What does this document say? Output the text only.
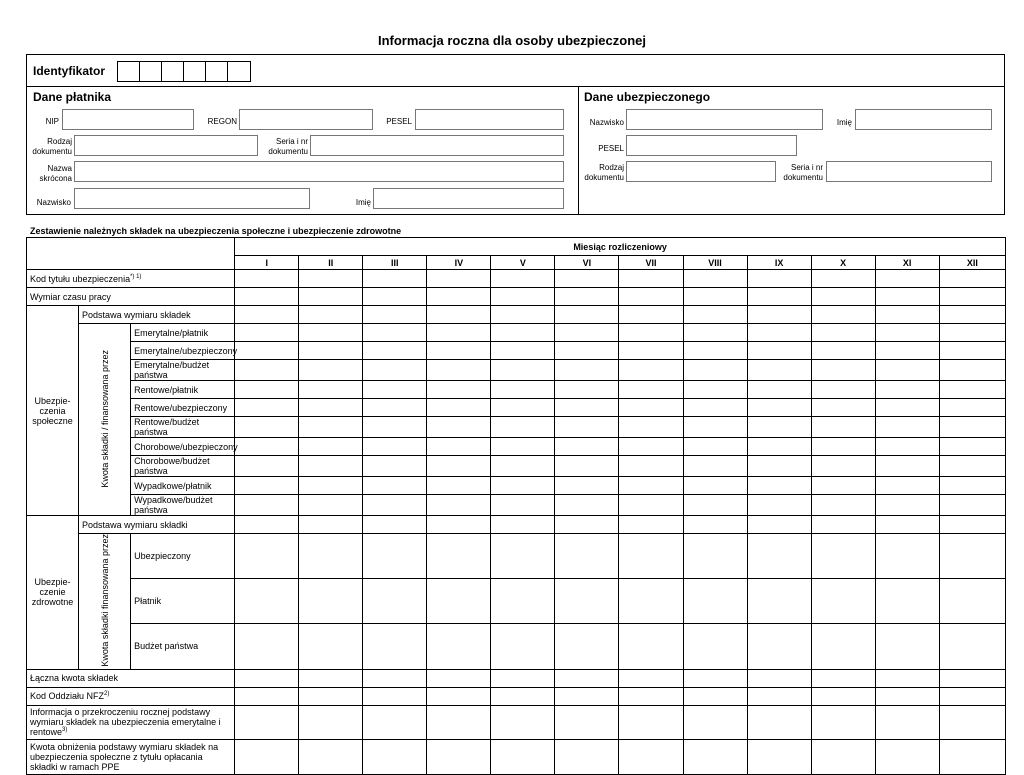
Informacja roczna dla osoby ubezpieczonej
Identyfikator
Dane płatnika
NIP	REGON	PESEL
Rodzaj
dokumentu
Seria i nr
dokumentu
Nazwa
skrócona
Nazwisko	Imię
Dane ubezpieczonego
Nazwisko	Imię
PESEL
Rodzaj
dokumentu
Seria i nr
dokumentu
Zestawienie należnych składek na ubezpieczenia społeczne i ubezpieczenie zdrowotne
			Miesiąc rozliczeniowy											
			I	II	III	IV	V	VI	VII	VIII	IX	X	XI	XII
Kod tytułu ubezpieczenia$^{*) 1)}$												
Wymiar czasu pracy														
Ubezpie-
czenia
społeczne	Podstawa wymiaru składek													
	Kwota składki / finansowana przez	Emerytalne/płatnik												
		Emerytalne/ubezpieczony												
		Emerytalne/budżet państwa												
		Rentowe/płatnik												
		Rentowe/ubezpieczony												
		Rentowe/budżet państwa												
		Chorobowe/ubezpieczony												
		Chorobowe/budżet państwa												
		Wypadkowe/płatnik												
		Wypadkowe/budżet państwa												
Ubezpie-
czenie
zdrowotne	Podstawa wymiaru składki													
	Kwota składki finansowana przez	Ubezpieczony												
		Płatnik												
		Budżet państwa												
Łączna kwota składek														
Kod Oddziału NFZ$^{2)}$												
Informacja o przekroczeniu rocznej podstawy wymiaru składek na ubezpieczenia emerytalne i rentowe$^{3)}$												
Kwota obniżenia podstawy wymiaru składek na ubezpieczenia społeczne z tytułu opłacania składki w ramach PPE														
